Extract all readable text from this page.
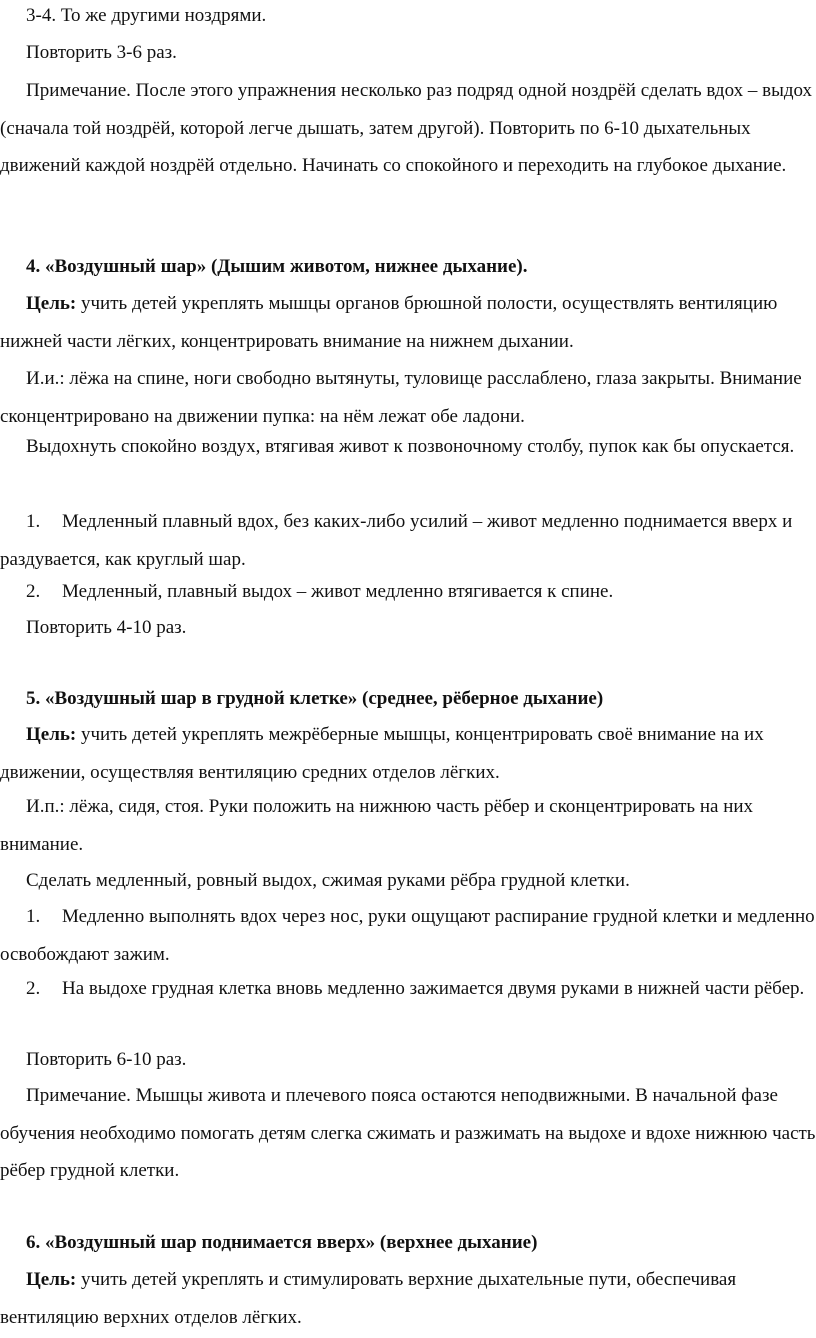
3-4. То же другими ноздрями.

Повторить 3-6 раз.

Примечание. После этого упражнения несколько раз подряд одной ноздрёй сделать вдох – выдох (сначала той ноздрёй, которой легче дышать, затем другой). Повторить по 6-10 дыхательных движений каждой ноздрёй отдельно. Начинать со спокойного и переходить на глубокое дыхание.

4. «Воздушный шар» (Дышим животом, нижнее дыхание).

Цель: учить детей укреплять мышцы органов брюшной полости, осуществлять вентиляцию нижней части лёгких, концентрировать внимание на нижнем дыхании.

И.и.: лёжа на спине, ноги свободно вытянуты, туловище расслаблено, глаза закрыты. Внимание сконцентрировано на движении пупка: на нём лежат обе ладони.

Выдохнуть спокойно воздух, втягивая живот к позвоночному столбу, пупок как бы опускается.

1. Медленный плавный вдох, без каких-либо усилий – живот медленно поднимается вверх и раздувается, как круглый шар.

2. Медленный, плавный выдох – живот медленно втягивается к спине.

Повторить 4-10 раз.

5. «Воздушный шар в грудной клетке» (среднее, рёберное дыхание)

Цель: учить детей укреплять межрёберные мышцы, концентрировать своё внимание на их движении, осуществляя вентиляцию средних отделов лёгких.

И.п.: лёжа, сидя, стоя. Руки положить на нижнюю часть рёбер и сконцентрировать на них внимание.

Сделать медленный, ровный выдох, сжимая руками рёбра грудной клетки.

1. Медленно выполнять вдох через нос, руки ощущают распирание грудной клетки и медленно освобождают зажим.

2. На выдохе грудная клетка вновь медленно зажимается двумя руками в нижней части рёбер.

Повторить 6-10 раз.

Примечание. Мышцы живота и плечевого пояса остаются неподвижными. В начальной фазе обучения необходимо помогать детям слегка сжимать и разжимать на выдохе и вдохе нижнюю часть рёбер грудной клетки.

6. «Воздушный шар поднимается вверх» (верхнее дыхание)

Цель: учить детей укреплять и стимулировать верхние дыхательные пути, обеспечивая вентиляцию верхних отделов лёгких.
